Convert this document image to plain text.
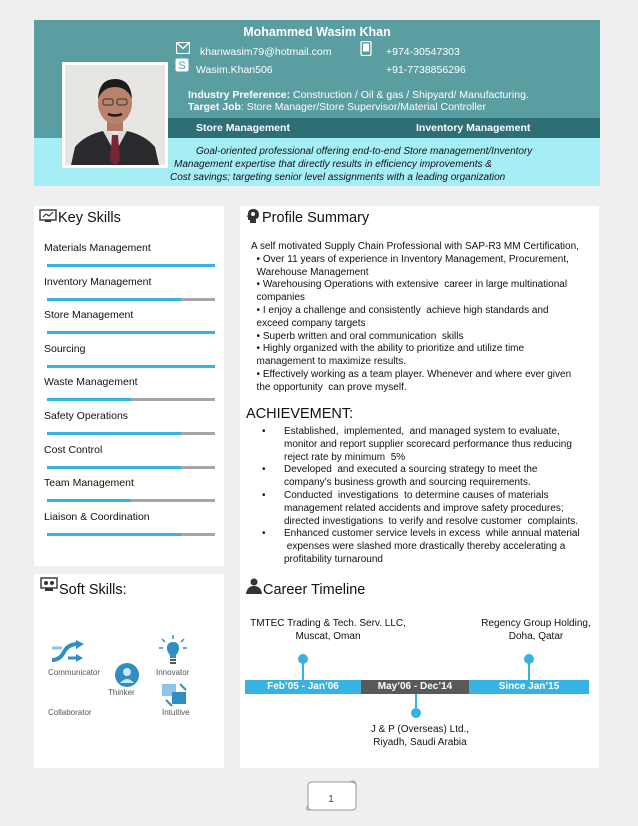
Mohammed Wasim Khan
khanwasim79@hotmail.com	+974-30547303
S Wasim.Khan506	+91-7738856296
Industry Preference: Construction / Oil & gas / Shipyard/ Manufacturing.
Target Job: Store Manager/Store Supervisor/Material Controller
Store Management	Inventory Management
Goal-oriented professional offering end-to-end Store management/Inventory
Management expertise that directly results in efficiency improvements &
Cost savings; targeting senior level assignments with a leading organization
Key Skills
Materials Management
Inventory Management
Store Management
Sourcing
Waste Management
Safety Operations
Cost Control
Team Management
Liaison & Coordination
Soft Skills:
Communicator	Innovator
Thinker
Collaborator	Intuitive
Profile Summary
A self motivated Supply Chain Professional with SAP-R3 MM Certification,
• Over 11 years of experience in Inventory Management, Procurement,
Warehouse Management
• Warehousing Operations with extensive  career in large multinational
companies
• I enjoy a challenge and consistently  achieve high standards and
exceed company targets
• Superb written and oral communication  skills
• Highly organized with the ability to prioritize and utilize time
management to maximize results.
• Effectively working as a team player. Whenever and where ever given
the opportunity  can prove myself.
ACHIEVEMENT:
• Established,  implemented,  and managed system to evaluate,
monitor and report supplier scorecard performance thus reducing
reject rate by minimum  5%
• Developed  and executed a sourcing strategy to meet the
company’s business growth and sourcing requirements.
• Conducted  investigations  to determine causes of materials
management related accidents and improve safety procedures;
directed investigations  to verify and resolve customer  complaints.
• Enhanced customer service levels in excess  while annual material
expenses were slashed more drastically thereby accelerating a
profitability turnaround
Career Timeline
TMTEC Trading & Tech. Serv. LLC,
Muscat, Oman
Regency Group Holding,
Doha, Qatar
J & P (Overseas) Ltd.,
Riyadh, Saudi Arabia
Feb’05 - Jan’06	May’06 - Dec’14	Since Jan’15
1
